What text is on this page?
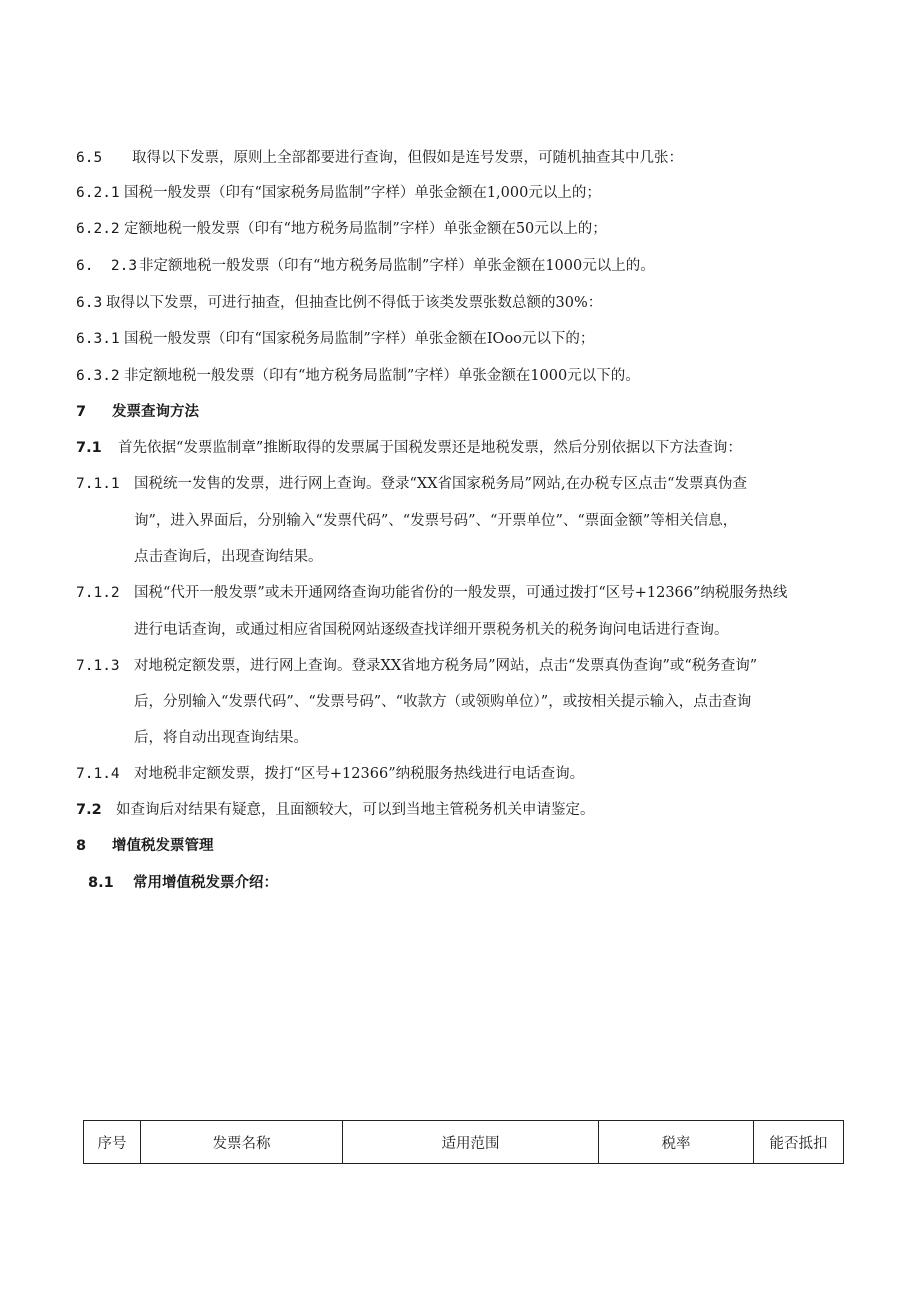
6.5 取得以下发票，原则上全部都要进行查询，但假如是连号发票，可随机抽查其中几张：
6.2.1 国税一般发票（印有“国家税务局监制”字样）单张金额在1,000元以上的；
6.2.2 定额地税一般发票（印有“地方税务局监制”字样）单张金额在50元以上的；
6.  2.3 非定额地税一般发票（印有“地方税务局监制”字样）单张金额在1000元以上的。
6.3 取得以下发票，可进行抽查，但抽查比例不得低于该类发票张数总额的30%：
6.3.1 国税一般发票（印有“国家税务局监制”字样）单张金额在IOoo元以下的；
6.3.2 非定额地税一般发票（印有“地方税务局监制”字样）单张金额在1000元以下的。
7 发票查询方法
7.1 首先依据“发票监制章”推断取得的发票属于国税发票还是地税发票，然后分别依据以下方法查询：
7.1.1 国税统一发售的发票，进行网上查询。登录“XX省国家税务局”网站,在办税专区点击“发票真伪查
询”，进入界面后，分别输入“发票代码”、“发票号码”、“开票单位”、“票面金额”等相关信息，
点击查询后，出现查询结果。
7.1.2 国税“代开一般发票”或未开通网络查询功能省份的一般发票，可通过拨打“区号+12366”纳税服务热线
进行电话查询，或通过相应省国税网站逐级查找详细开票税务机关的税务询问电话进行查询。
7.1.3 对地税定额发票，进行网上查询。登录XX省地方税务局”网站，点击“发票真伪查询”或“税务查询”
后，分别输入“发票代码”、“发票号码”、“收款方（或领购单位）”，或按相关提示输入，点击查询
后，将自动出现查询结果。
7.1.4 对地税非定额发票，拨打“区号+12366”纳税服务热线进行电话查询。
7.2 如查询后对结果有疑意，且面额较大，可以到当地主管税务机关申请鉴定。
8 增值税发票管理
8.1 常用增值税发票介绍：
序号	发票名称	适用范围	税率	能否抵扣
